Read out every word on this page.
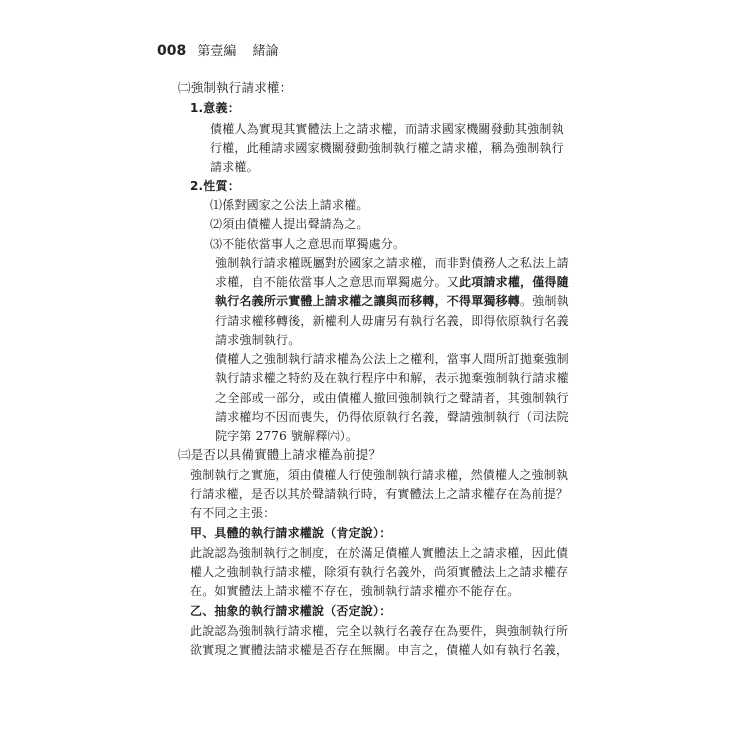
008 第壹編 緒論
㈡強制執行請求權：
1.意義：
債權人為實現其實體法上之請求權，而請求國家機關發動其強制執
行權，此種請求國家機關發動強制執行權之請求權，稱為強制執行
請求權。
2.性質：
⑴係對國家之公法上請求權。
⑵須由債權人提出聲請為之。
⑶不能依當事人之意思而單獨處分。
強制執行請求權既屬對於國家之請求權，而非對債務人之私法上請
求權，自不能依當事人之意思而單獨處分。又此項請求權，僅得隨
執行名義所示實體上請求權之讓與而移轉，不得單獨移轉。強制執
行請求權移轉後，新權利人毋庸另有執行名義，即得依原執行名義
請求強制執行。
債權人之強制執行請求權為公法上之權利，當事人間所訂拋棄強制
執行請求權之特約及在執行程序中和解，表示拋棄強制執行請求權
之全部或一部分，或由債權人撤回強制執行之聲請者，其強制執行
請求權均不因而喪失，仍得依原執行名義，聲請強制執行（司法院
院字第 2776 號解釋㈥）。
㈢是否以具備實體上請求權為前提？
強制執行之實施，須由債權人行使強制執行請求權，然債權人之強制執
行請求權，是否以其於聲請執行時，有實體法上之請求權存在為前提？
有不同之主張：
甲、具體的執行請求權說（肯定說）：
此說認為強制執行之制度，在於滿足債權人實體法上之請求權，因此債
權人之強制執行請求權，除須有執行名義外，尚須實體法上之請求權存
在。如實體法上請求權不存在，強制執行請求權亦不能存在。
乙、抽象的執行請求權說（否定說）：
此說認為強制執行請求權，完全以執行名義存在為要件，與強制執行所
欲實現之實體法請求權是否存在無關。申言之，債權人如有執行名義，
